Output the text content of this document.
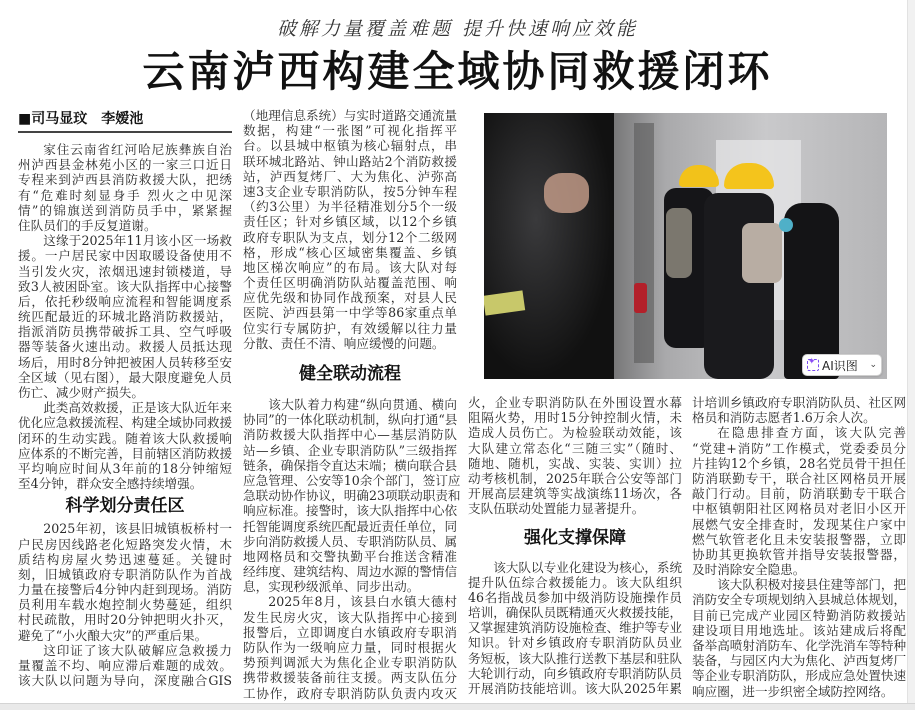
破解力量覆盖难题 提升快速响应效能
云南泸西构建全域协同救援闭环
■司马显玟　李嫒池
家住云南省红河哈尼族彝族自治
州泸西县金林苑小区的一家三口近日
专程来到泸西县消防救援大队，把绣
有“危难时刻显身手 烈火之中见深
情”的锦旗送到消防员手中，紧紧握
住队员们的手反复道谢。
这缘于2025年11月该小区一场救
援。一户居民家中因取暖设备使用不
当引发火灾，浓烟迅速封锁楼道，导
致3人被困卧室。该大队指挥中心接警
后，依托秒级响应流程和智能调度系
统匹配最近的环城北路消防救援站，
指派消防员携带破拆工具、空气呼吸
器等装备火速出动。救援人员抵达现
场后，用时8分钟把被困人员转移至安
全区域（见右图），最大限度避免人员
伤亡、减少财产损失。
此类高效救援，正是该大队近年来
优化应急救援流程、构建全域协同救援
闭环的生动实践。随着该大队救援响
应体系的不断完善，目前辖区消防救援
平均响应时间从3年前的18分钟缩短
至4分钟，群众安全感持续增强。
科学划分责任区
2025年初，该县旧城镇板桥村一
户民房因线路老化短路突发火情，木
质结构房屋火势迅速蔓延。关键时
刻，旧城镇政府专职消防队作为首战
力量在接警后4分钟内赶到现场。消防
员利用车载水炮控制火势蔓延，组织
村民疏散，用时20分钟把明火扑灭，
避免了“小火酿大灾”的严重后果。
这印证了该大队破解应急救援力
量覆盖不均、响应滞后难题的成效。
该大队以问题为导向，深度融合GIS
（地理信息系统）与实时道路交通流量
数据，构建“一张图”可视化指挥平
台。以县城中枢镇为核心辐射点，串
联环城北路站、钟山路站2个消防救援
站，泸西复烤厂、大为焦化、泸弥高
速3支企业专职消防队，按5分钟车程
（约3公里）为半径精准划分5个一级
责任区；针对乡镇区域，以12个乡镇
政府专职队为支点，划分12个二级网
格，形成“核心区域密集覆盖、乡镇
地区梯次响应”的布局。该大队对每
个责任区明确消防队站覆盖范围、响
应优先级和协同作战预案，对县人民
医院、泸西县第一中学等86家重点单
位实行专属防护，有效缓解以往力量
分散、责任不清、响应缓慢的问题。
健全联动流程
该大队着力构建“纵向贯通、横向
协同”的一体化联动机制，纵向打通“县
消防救援大队指挥中心—基层消防队
站—乡镇、企业专职消防队”三级指挥
链条，确保指令直达末端；横向联合县
应急管理、公安等10余个部门，签订应
急联动协作协议，明确23项联动职责和
响应标准。接警时，该大队指挥中心依
托智能调度系统匹配最近责任单位，同
步向消防救援人员、专职消防队员、属
地网格员和交警执勤平台推送含精准
经纬度、建筑结构、周边水源的警情信
息，实现秒级派单、同步出动。
2025年8月，该县白水镇大德村
发生民房火灾，该大队指挥中心接到
报警后，立即调度白水镇政府专职消
防队作为一级响应力量，同时根据火
势预判调派大为焦化企业专职消防队
携带救援装备前往支援。两支队伍分
工协作，政府专职消防队负责内攻灭
火，企业专职消防队在外围设置水幕
阻隔火势，用时15分钟控制火情，未
造成人员伤亡。为检验联动效能，该
大队建立常态化“三随三实”（随时、
随地、随机，实战、实装、实训）拉
动考核机制，2025年联合公安等部门
开展高层建筑等实战演练11场次，各
支队伍联动处置能力显著提升。
强化支撑保障
该大队以专业化建设为核心，系统
提升队伍综合救援能力。该大队组织
46名指战员参加中级消防设施操作员
培训，确保队员既精通灭火救援技能，
又掌握建筑消防设施检查、维护等专业
知识。针对乡镇政府专职消防队员业
务短板，该大队推行送教下基层和驻队
大轮训行动，向乡镇政府专职消防队员
开展消防技能培训。该大队2025年累
计培训乡镇政府专职消防队员、社区网
格员和消防志愿者1.6万余人次。
在隐患排查方面，该大队完善
“党建+消防”工作模式，党委委员分
片挂钩12个乡镇，28名党员骨干担任
防消联勤专干，联合社区网格员开展
敲门行动。目前，防消联勤专干联合
中枢镇朝阳社区网格员对老旧小区开
展燃气安全排查时，发现某住户家中
燃气软管老化且未安装报警器，立即
协助其更换软管并指导安装报警器，
及时消除安全隐患。
该大队积极对接县住建等部门，把
消防安全专项规划纳入县城总体规划，
目前已完成产业园区特勤消防救援站
建设项目用地选址。该站建成后将配
备举高喷射消防车、化学洗消车等特种
装备，与园区内大为焦化、泸西复烤厂
等企业专职消防队，形成应急处置快速
响应圈，进一步织密全域防控网络。
✦
AI识图 ⌄
